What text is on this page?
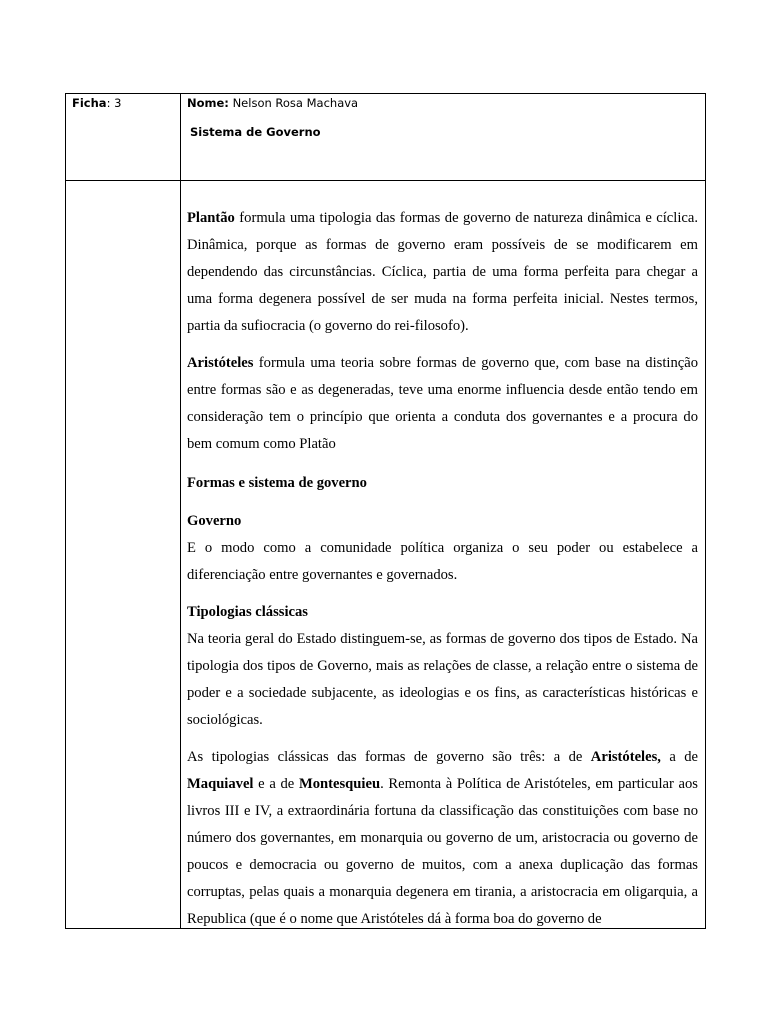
Ficha: 3	Nome: Nelson Rosa Machava
Sistema de Governo

Plantão formula uma tipologia das formas de governo de natureza dinâmica e cíclica. Dinâmica, porque as formas de governo eram possíveis de se modificarem em dependendo das circunstâncias. Cíclica, partia de uma forma perfeita para chegar a uma forma degenera possível de ser muda na forma perfeita inicial. Nestes termos, partia da sufiocracia (o governo do rei-filosofo).

Aristóteles formula uma teoria sobre formas de governo que, com base na distinção entre formas são e as degeneradas, teve uma enorme influencia desde então tendo em consideração tem o princípio que orienta a conduta dos governantes e a procura do bem comum como Platão

Formas e sistema de governo
Governo

E o modo como a comunidade política organiza o seu poder ou estabelece a diferenciação entre governantes e governados.

Tipologias clássicas

Na teoria geral do Estado distinguem-se, as formas de governo dos tipos de Estado. Na tipologia dos tipos de Governo, mais as relações de classe, a relação entre o sistema de poder e a sociedade subjacente, as ideologias e os fins, as características históricas e sociológicas.

As tipologias clássicas das formas de governo são três: a de Aristóteles, a de Maquiavel e a de Montesquieu. Remonta à Política de Aristóteles, em particular aos livros III e IV, a extraordinária fortuna da classificação das constituições com base no número dos governantes, em monarquia ou governo de um, aristocracia ou governo de poucos e democracia ou governo de muitos, com a anexa duplicação das formas corruptas, pelas quais a monarquia degenera em tirania, a aristocracia em oligarquia, a Republica (que é o nome que Aristóteles dá à forma boa do governo de
